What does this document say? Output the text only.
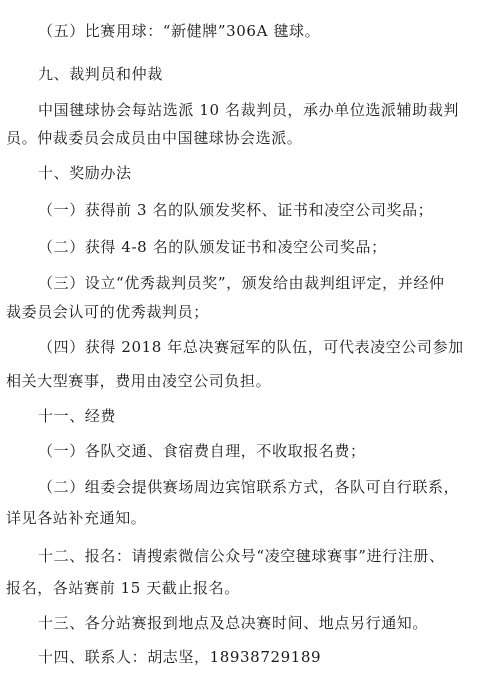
（五）比赛用球：“新健牌”306A 毽球。
九、裁判员和仲裁
中国毽球协会每站选派 10 名裁判员，承办单位选派辅助裁判
员。仲裁委员会成员由中国毽球协会选派。
十、奖励办法
（一）获得前 3 名的队颁发奖杯、证书和凌空公司奖品；
（二）获得 4-8 名的队颁发证书和凌空公司奖品；
（三）设立“优秀裁判员奖”，颁发给由裁判组评定，并经仲
裁委员会认可的优秀裁判员；
（四）获得 2018 年总决赛冠军的队伍，可代表凌空公司参加
相关大型赛事，费用由凌空公司负担。
十一、经费
（一）各队交通、食宿费自理，不收取报名费；
（二）组委会提供赛场周边宾馆联系方式，各队可自行联系，
详见各站补充通知。
十二、报名：请搜索微信公众号“凌空毽球赛事”进行注册、
报名，各站赛前 15 天截止报名。
十三、各分站赛报到地点及总决赛时间、地点另行通知。
十四、联系人：胡志坚，18938729189
